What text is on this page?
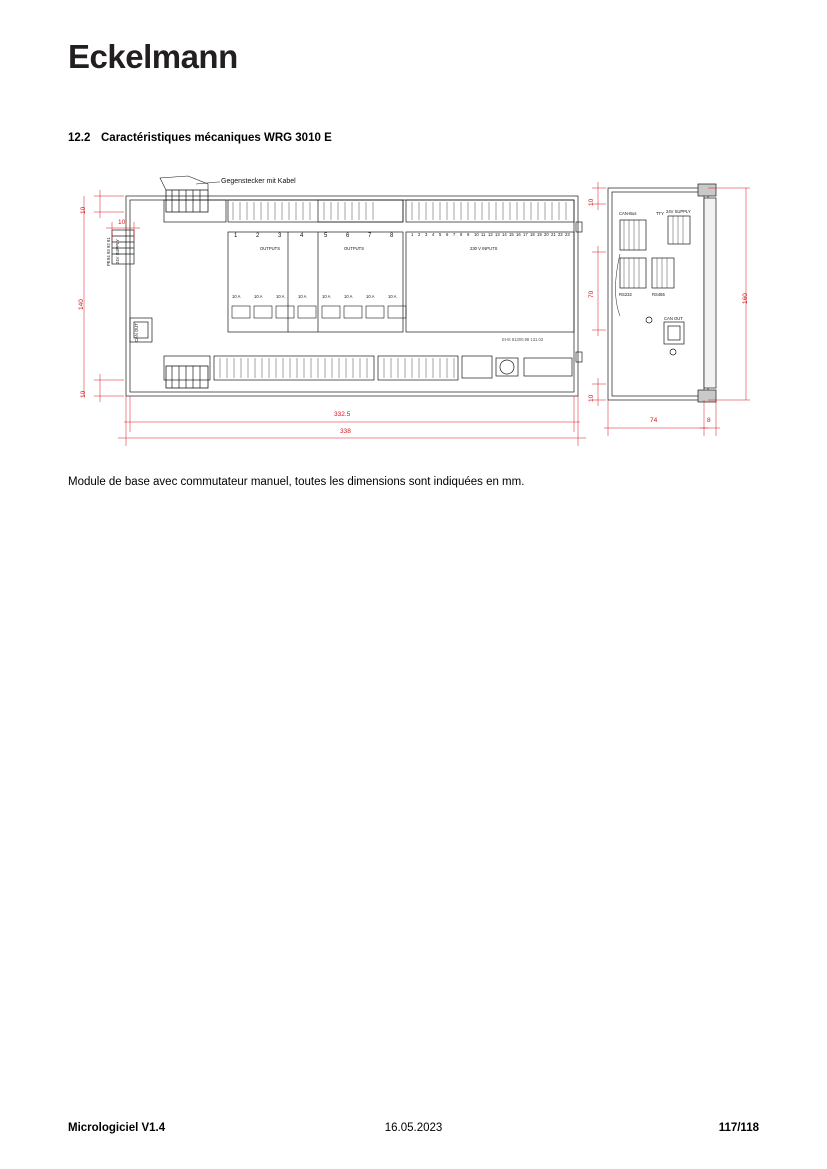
Eckelmann
12.2 Caractéristiques mécaniques WRG 3010 E
10
10
140
10
332.5
338
10
70
10
160
74	8
Gegenstecker mit Kabel
24V SUPPLY
91
92
93
94
PE
CAN OUT
1	2	3	4	5	6	7	8
OUTPUTS	OUTPUTS	230 V INPUTS
10 A	10 A	10 A	10 A	10 A	10 A	10 A	10 A
1 2 3 4 5 6 7 8 9 10 11 12 13 14 15 16 17 18 19 20 21 22 23
EHS 81300.88 131.02
CAN-Bus	TTY
RS232	RS485
24V SUPPLY
CAN OUT
Module de base avec commutateur manuel, toutes les dimensions sont indiquées en mm.
Micrologiciel V1.4	16.05.2023	117/118
